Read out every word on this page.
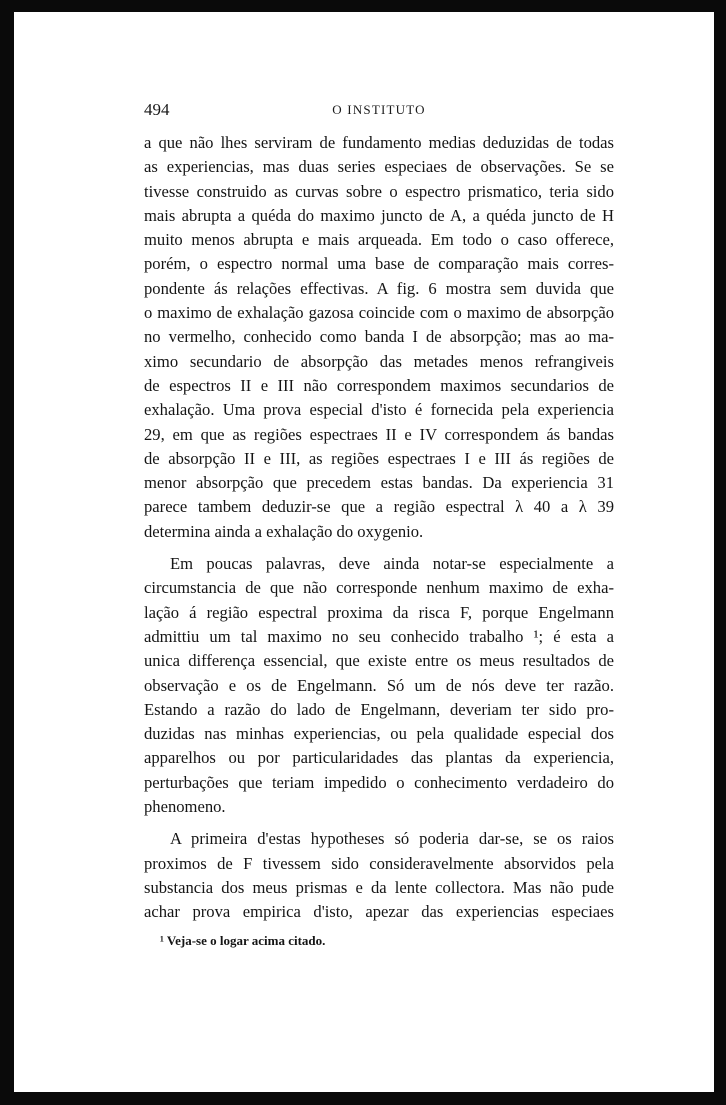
494	O INSTITUTO
a que não lhes serviram de fundamento medias deduzidas de todas
as experiencias, mas duas series especiaes de observações. Se se
tivesse construido as curvas sobre o espectro prismatico, teria sido
mais abrupta a quéda do maximo juncto de A, a quéda juncto de H
muito menos abrupta e mais arqueada. Em todo o caso offerece,
porém, o espectro normal uma base de comparação mais corres-
pondente ás relações effectivas. A fig. 6 mostra sem duvida que
o maximo de exhalação gazosa coincide com o maximo de absorpção
no vermelho, conhecido como banda I de absorpção; mas ao ma-
ximo secundario de absorpção das metades menos refrangiveis
de espectros II e III não correspondem maximos secundarios de
exhalação. Uma prova especial d'isto é fornecida pela experiencia
29, em que as regiões espectraes II e IV correspondem ás bandas
de absorpção II e III, as regiões espectraes I e III ás regiões de
menor absorpção que precedem estas bandas. Da experiencia 31
parece tambem deduzir-se que a região espectral λ 40 a λ 39
determina ainda a exhalação do oxygenio.
Em poucas palavras, deve ainda notar-se especialmente a
circumstancia de que não corresponde nenhum maximo de exha-
lação á região espectral proxima da risca F, porque Engelmann
admittiu um tal maximo no seu conhecido trabalho ¹; é esta a
unica differença essencial, que existe entre os meus resultados de
observação e os de Engelmann. Só um de nós deve ter razão.
Estando a razão do lado de Engelmann, deveriam ter sido pro-
duzidas nas minhas experiencias, ou pela qualidade especial dos
apparelhos ou por particularidades das plantas da experiencia,
perturbações que teriam impedido o conhecimento verdadeiro do
phenomeno.
A primeira d'estas hypotheses só poderia dar-se, se os raios
proximos de F tivessem sido consideravelmente absorvidos pela
substancia dos meus prismas e da lente collectora. Mas não pude
achar prova empirica d'isto, apezar das experiencias especiaes
¹ Veja-se o logar acima citado.
